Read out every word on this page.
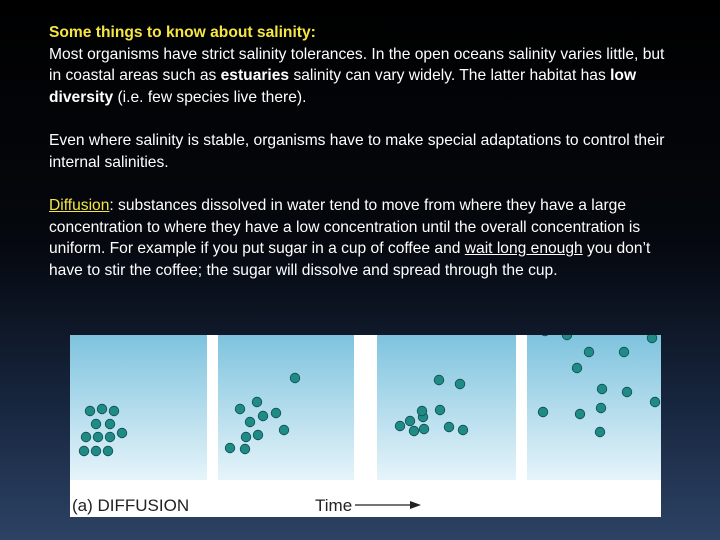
Some things to know about salinity:
Most organisms have strict salinity tolerances. In the open oceans salinity varies little, but in coastal areas such as estuaries salinity can vary widely. The latter habitat has low diversity (i.e. few species live there).

Even where salinity is stable, organisms have to make special adaptations to control their internal salinities.

Diffusion: substances dissolved in water tend to move from where they have a large concentration to where they have a low concentration until the overall concentration is uniform. For example if you put sugar in a cup of coffee and wait long enough you don’t have to stir the coffee; the sugar will dissolve and spread through the cup.

(a) DIFFUSION	Time
